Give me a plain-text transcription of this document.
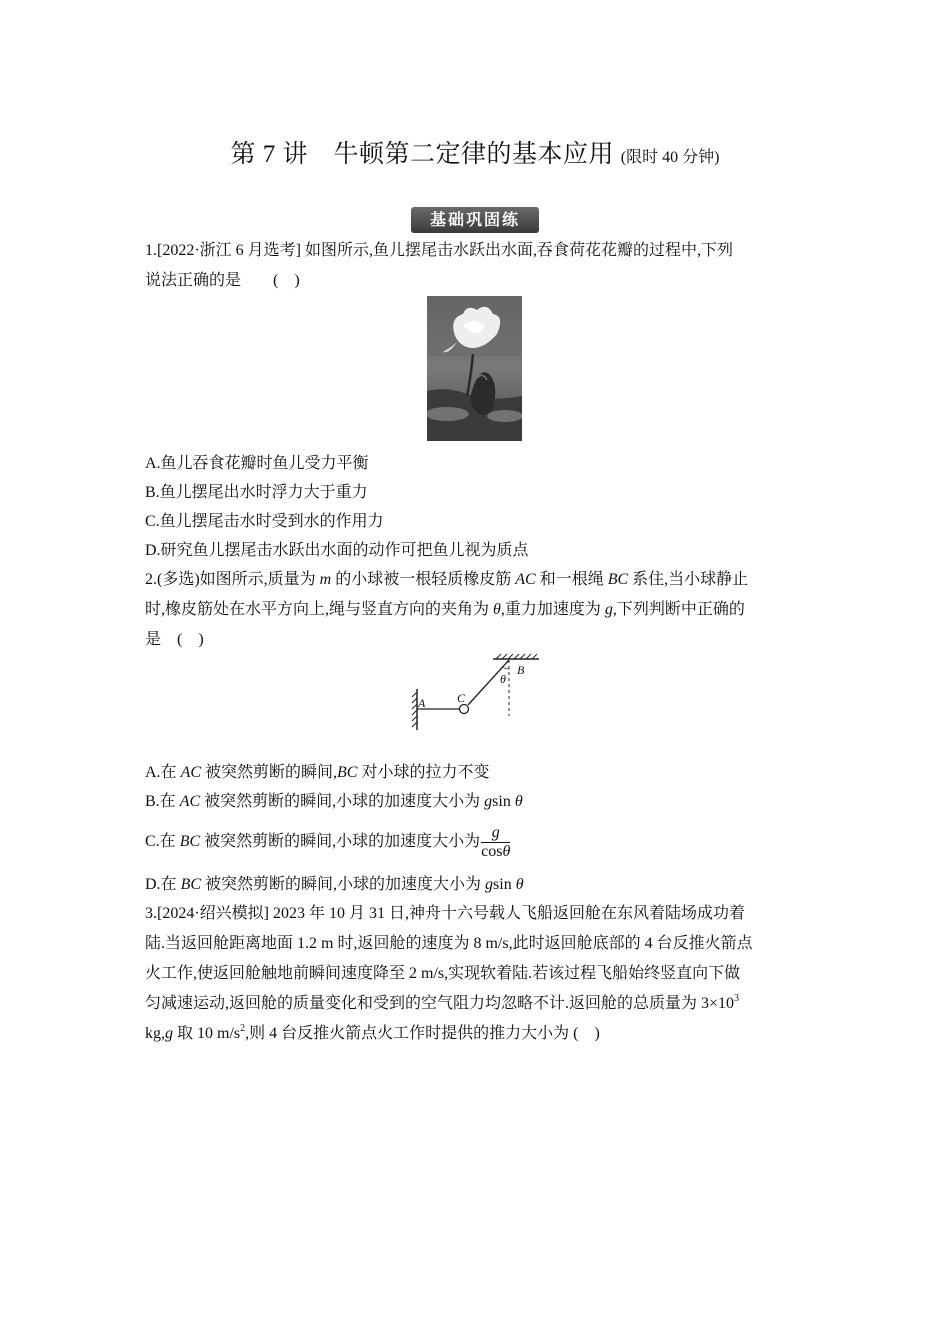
第 7 讲　牛顿第二定律的基本应用 (限时 40 分钟)
基础巩固练
1.[2022·浙江 6 月选考] 如图所示,鱼儿摆尾击水跃出水面,吞食荷花花瓣的过程中,下列
说法正确的是　　(　)
A.鱼儿吞食花瓣时鱼儿受力平衡
B.鱼儿摆尾出水时浮力大于重力
C.鱼儿摆尾击水时受到水的作用力
D.研究鱼儿摆尾击水跃出水面的动作可把鱼儿视为质点
2.(多选)如图所示,质量为 m 的小球被一根轻质橡皮筋 AC 和一根绳 BC 系住,当小球静止
时,橡皮筋处在水平方向上,绳与竖直方向的夹角为 θ,重力加速度为 g,下列判断中正确的
是　(　)
A	C
B
θ
A.在 AC 被突然剪断的瞬间,BC 对小球的拉力不变
B.在 AC 被突然剪断的瞬间,小球的加速度大小为 gsin θ
C.在 BC 被突然剪断的瞬间,小球的加速度大小为 $\frac{g}{\cos\theta}$
D.在 BC 被突然剪断的瞬间,小球的加速度大小为 gsin θ
3.[2024·绍兴模拟] 2023 年 10 月 31 日,神舟十六号载人飞船返回舱在东风着陆场成功着
陆.当返回舱距离地面 1.2 m 时,返回舱的速度为 8 m/s,此时返回舱底部的 4 台反推火箭点
火工作,使返回舱触地前瞬间速度降至 2 m/s,实现软着陆.若该过程飞船始终竖直向下做
匀减速运动,返回舱的质量变化和受到的空气阻力均忽略不计.返回舱的总质量为 $3\times 10^3$
kg,g 取 10 $m/s^2$,则 4 台反推火箭点火工作时提供的推力大小为 (　)
